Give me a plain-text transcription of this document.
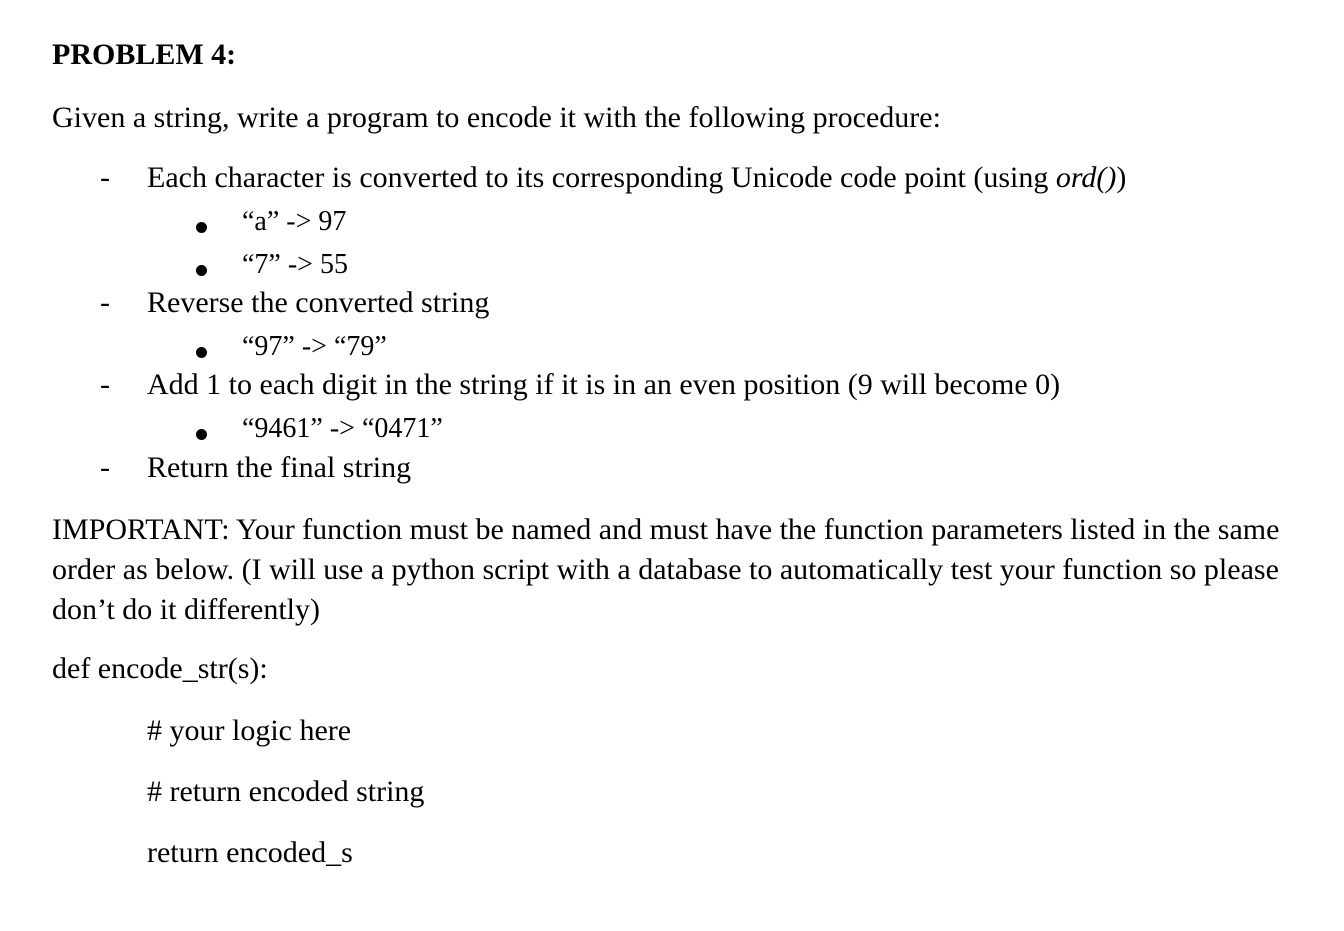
PROBLEM 4:
Given a string, write a program to encode it with the following procedure:
- Each character is converted to its corresponding Unicode code point (using ord())
“a” -> 97
“7” -> 55
- Reverse the converted string
“97” -> “79”
- Add 1 to each digit in the string if it is in an even position (9 will become 0)
“9461” -> “0471”
- Return the final string
IMPORTANT: Your function must be named and must have the function parameters listed in the same order as below. (I will use a python script with a database to automatically test your function so please don’t do it differently)
def encode_str(s):
# your logic here
# return encoded string
return encoded_s
